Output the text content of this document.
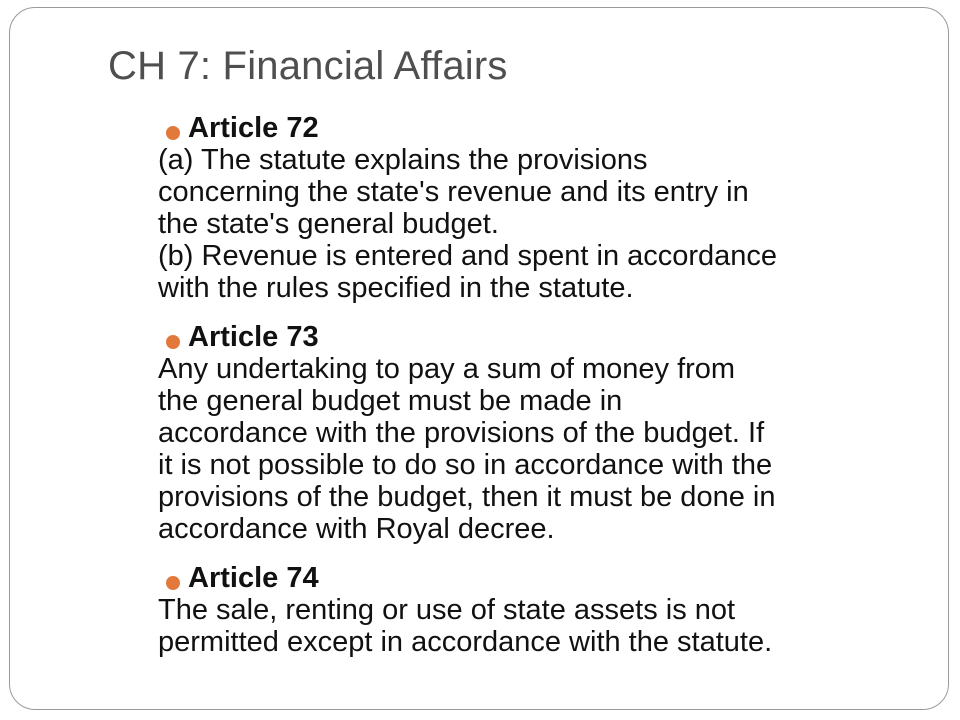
CH 7: Financial Affairs
Article 72
(a) The statute explains the provisions
concerning the state's revenue and its entry in
the state's general budget.
(b) Revenue is entered and spent in accordance
with the rules specified in the statute.
Article 73
Any undertaking to pay a sum of money from
the general budget must be made in
accordance with the provisions of the budget. If
it is not possible to do so in accordance with the
provisions of the budget, then it must be done in
accordance with Royal decree.
Article 74
The sale, renting or use of state assets is not
permitted except in accordance with the statute.
